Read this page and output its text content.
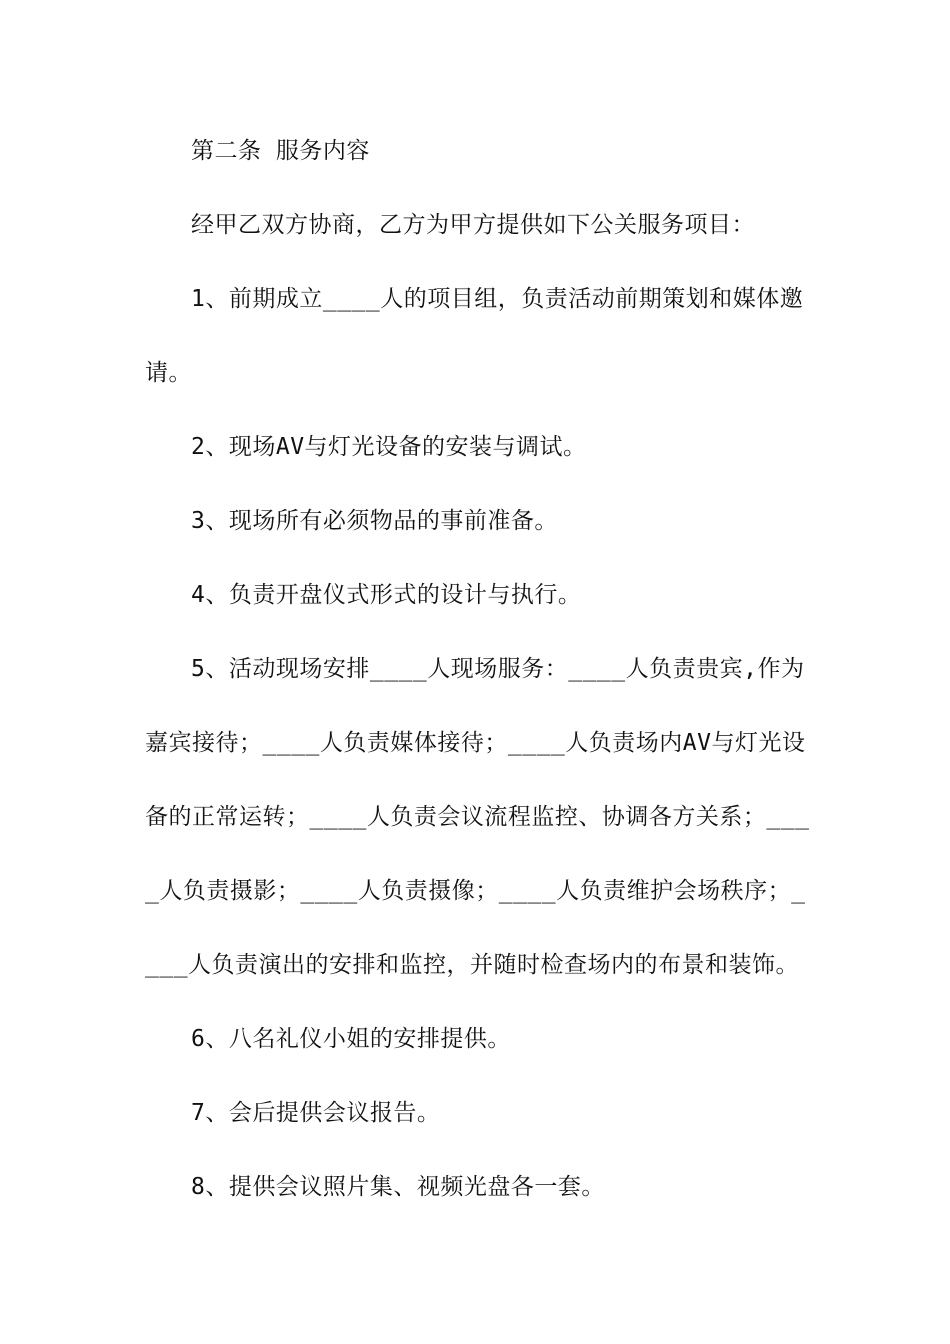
第二条 服务内容

经甲乙双方协商，乙方为甲方提供如下公关服务项目：

1、前期成立____人的项目组，负责活动前期策划和媒体邀请。

2、现场AV与灯光设备的安装与调试。

3、现场所有必须物品的事前准备。

4、负责开盘仪式形式的设计与执行。

5、活动现场安排____人现场服务：____人负责贵宾,作为嘉宾接待；____人负责媒体接待；____人负责场内AV与灯光设备的正常运转；____人负责会议流程监控、协调各方关系；____人负责摄影；____人负责摄像；____人负责维护会场秩序；____人负责演出的安排和监控，并随时检查场内的布景和装饰。

6、八名礼仪小姐的安排提供。

7、会后提供会议报告。

8、提供会议照片集、视频光盘各一套。
